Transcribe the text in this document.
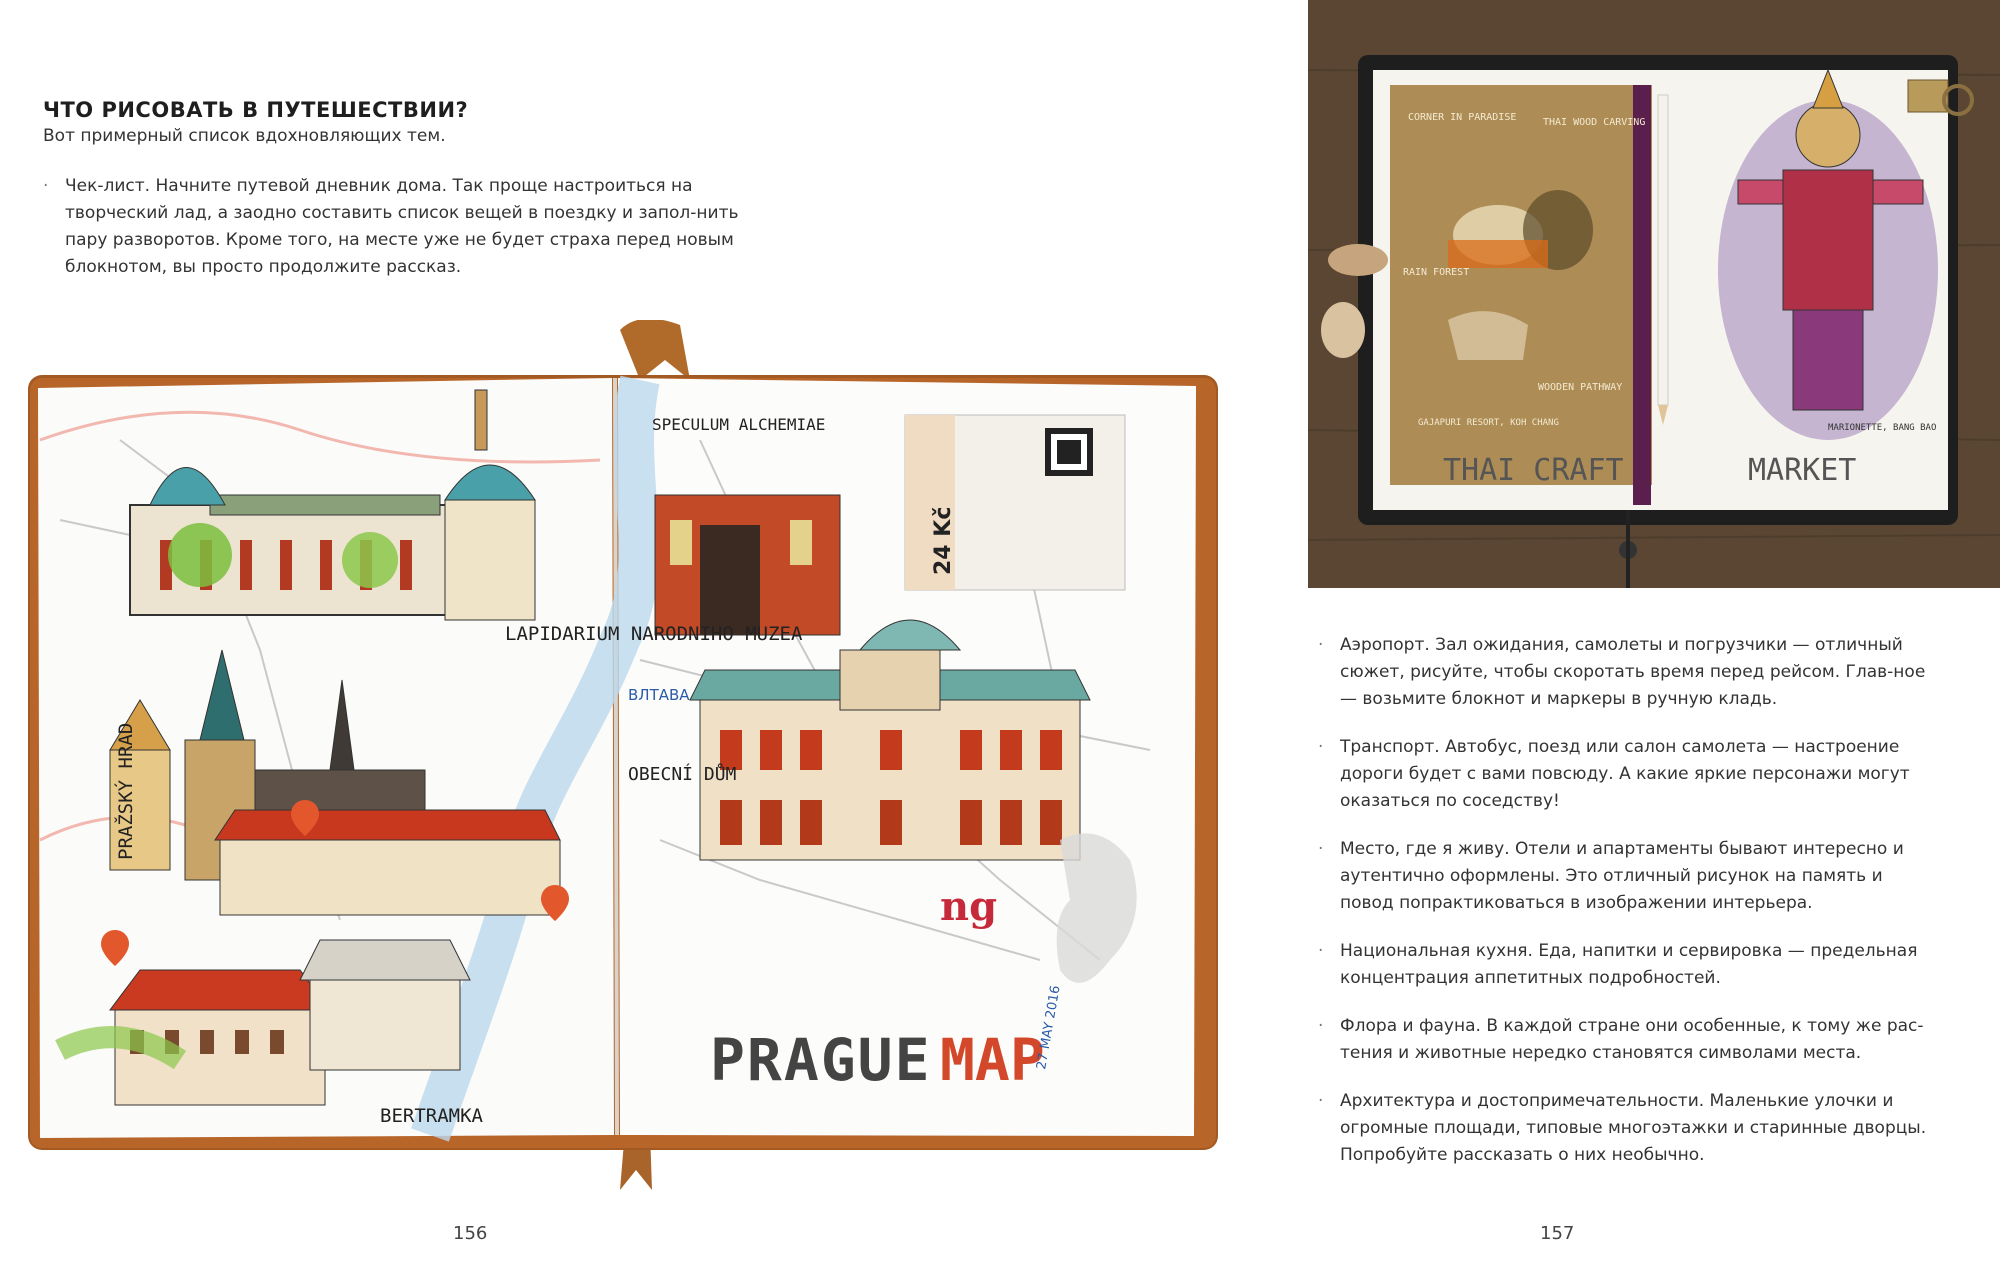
ЧТО РИСОВАТЬ В ПУТЕШЕСТВИИ?
Вот примерный список вдохновляющих тем.
· Чек-лист. Начните путевой дневник дома. Так проще настроиться на творческий лад, а заодно составить список вещей в поездку и запол-нить пару разворотов. Кроме того, на месте уже не будет страха перед новым блокнотом, вы просто продолжите рассказ.
156	157
24 Kč
LAPIDARIUM NARODNIHO MUZEA
PRAŽSKÝ HRAD
BERTRAMKA
OBECNÍ DŮM
SPECULUM ALCHEMIAE
ВЛТАВА
PRAGUE MAP
27 MAY 2016
ng
THAI CRAFT	MARKET
CORNER IN PARADISE	THAI WOOD CARVING
RAIN FOREST
WOODEN PATHWAY
GAJAPURI RESORT, KOH CHANG	MARIONETTE, BANG BAO
· Аэропорт. Зал ожидания, самолеты и погрузчики — отличный сюжет, рисуйте, чтобы скоротать время перед рейсом. Глав-ное — возьмите блокнот и маркеры в ручную кладь.
· Транспорт. Автобус, поезд или салон самолета — настроение дороги будет с вами повсюду. А какие яркие персонажи могут оказаться по соседству!
· Место, где я живу. Отели и апартаменты бывают интересно и аутентично оформлены. Это отличный рисунок на память и повод попрактиковаться в изображении интерьера.
· Национальная кухня. Еда, напитки и сервировка — предельная концентрация аппетитных подробностей.
· Флора и фауна. В каждой стране они особенные, к тому же рас-тения и животные нередко становятся символами места.
· Архитектура и достопримечательности. Маленькие улочки и огромные площади, типовые многоэтажки и старинные дворцы. Попробуйте рассказать о них необычно.
